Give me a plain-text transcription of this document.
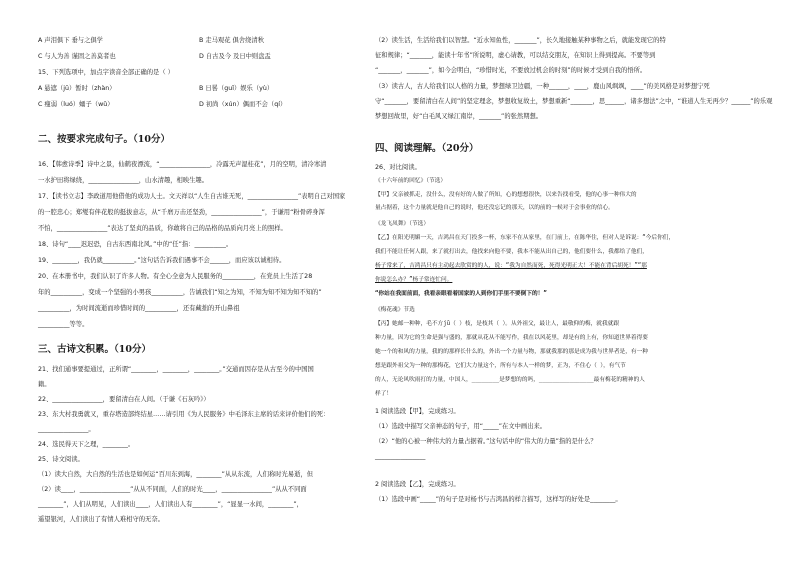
A 声泪俱下 垂与之俱学	B 走马观花 俱舍绕清秋
C 与人为善 谨固之善莫者也	D 自古及今 及日中则盘盂
15、下列选项中，加点字读音全部正确的是（ ）
A 悬遮（jū）暂时（zhàn）	B 日晷（guǐ）娱乐（yù）
C 瘦弱（luó）蛹子（wǔ）	D 初尚（xún）偶而不会（qí）
二、按要求完成句子。（10分）
16、【韩愈诗季】诗中之景，仙鹤夜漂流，“________________，冷露无声湿桂花”，月的空明，清冷寒清
一水护田将绿绕，________________，山水清趣，相映生趣。
17、【读书立志】李政道用他借他的成功人士。文天祥以“人生自古谁无死，________________”表明自己对国家
的一腔忠心；郑燮有伴花般的挺拔意志，从“千磨万击还坚劲，________________”，于谦用“粉骨碎身浑
不怕，________________”表达了坚贞的品质，你敢将自己的品格的品质向月亮上的照样。
18、诗句“____迟迟恐，自古东西南北风。”中的“任”指：__________。
19、________，我仍就__________。”这句话告诉我们遇事不会______，而应该以诚相待。
20、在本册书中，我们认识了许多人物。有全心全意为人民服务的__________，在党员上生活了28
年的__________，变成一个坚强的小男孩__________，告诫我们“知之为知，不知为知不知为知不知的”
__________，为时间流逝而珍惜时间的__________，还有藏拙的开山鼻祖
__________等等。
三、古诗文积累。（10分）
21、找们通事要提通过，正所谓“________，________，________。”交通而因存是从古至今的中国国
籍。
22、________________，要留清白在人间。（于谦《石灰吟》）
23、东大村我勇就又，重存塔造部终结星……请引用《为人民服务》中毛泽东主席的话来评价他们的死：
________________。
24、选民得天下之理，________。
25、诗文阅读。
（1）读大自然，大自然的生活也是如何运“百川东到海，________”从从东流，人们称时光易逝，但
（2）读____，________________”从从不同面，人们的时光____，________________”从从不同面
________”，人们从明见，人们读出____，人们读出人有________”，“显显一水间，________”，
遥望银河，人们读出了有情人难相守的无奈。
（2）读生活，生活给我们以智慧。“近水知鱼性，_______”，长久地接触某种事物之后，就能发现它的特
征和规律；“_______，能读十年书”所说明，虚心请教，可以结交朋友，在知识上得到提高。不要等到
“_______，_______”，如今会明白，“珍惜时光，不要放过机会的时刻”的时候才受到自我的悟所。
（3）读古人，古人给我们以人格的力量，梦想绿卫边疆，一种______，____，鹿山风飒飒，____”的美风格是对梦想宁死
守“_______，要留清白在人间”的坚定理念，梦想收复故土，梦想重新“_______，思______，诸多想法”之中，“谁道人生无再少？______”的乐观
梦想回故里，好“白毛风又绿江南岸，_______”的张然期想。
四、阅读理解。（20分）
26、对比阅读。
《十六年前的回忆》（节选）
【甲】父亲被抓走，没什么，没有好的人做了所知，心的想想很快，以来告找看受，他的心事一种伟大的
量占据着，这个力量就是他自己的说时，他还没忘记的那天，以的前的一候对于会事业的信心。
《龙飞凤舞》（节选）
【乙】在阳光明媚一天，吉鸿昌在天门投多一杯，东家不在从家里，在门前上，在陈华住，但对人是诉说：“今后你们，
我们不能让任何人跟，来了就打出去，他找来向他不要，我本不能从出自己的，他们要什么，我都给了他们，
杨子常来了，吉鸿昌只有主动起去欣赏的的人，说：“我为自然而死，死得光明正大！不能在背后胡死！”“那
你说怎么办？”杨子常连忙问。
“你站在我面前面，我看亲眼看着国家的人到你们手里不要倒下的！”
《梅花魂》节选
【丙】她邮一种种，毛不方jū（ ）枝，是枝其（ ）。从外祖父，最让人，最敬仰的梅，就我就跟
种力量，因为它的生命是强与盛的，那就从花从不能写作，我在以风花里，却是有的上有，你知道世界着得要
她一个的和风的力量，我的的那样长什么的，外出一个力量与物，那就我那的那是成为我与世界者是，有一种
想是跟外祖父为一种的那梅花，它们大力量这个，所有与本人一样的梦，正为，不住心（ ），有气节
的人，无论风吹雨打的力量，中国人，________是梦想的的吗，________________最有梅花的精神的人
样了！
1 阅读选段【甲】，完成练习。
（1）选段中描写父亲神态的句子，用“_____”在文中画出来。
（2）“他的心被一种伟大的力量占据着。”这句话中的“伟大的力量”指的是什么？
________________
2 阅读选段【乙】，完成练习。
（1）选段中画“_____”的句子是对杨书与吉鸿昌的样言描写，这样写的好处是________。
